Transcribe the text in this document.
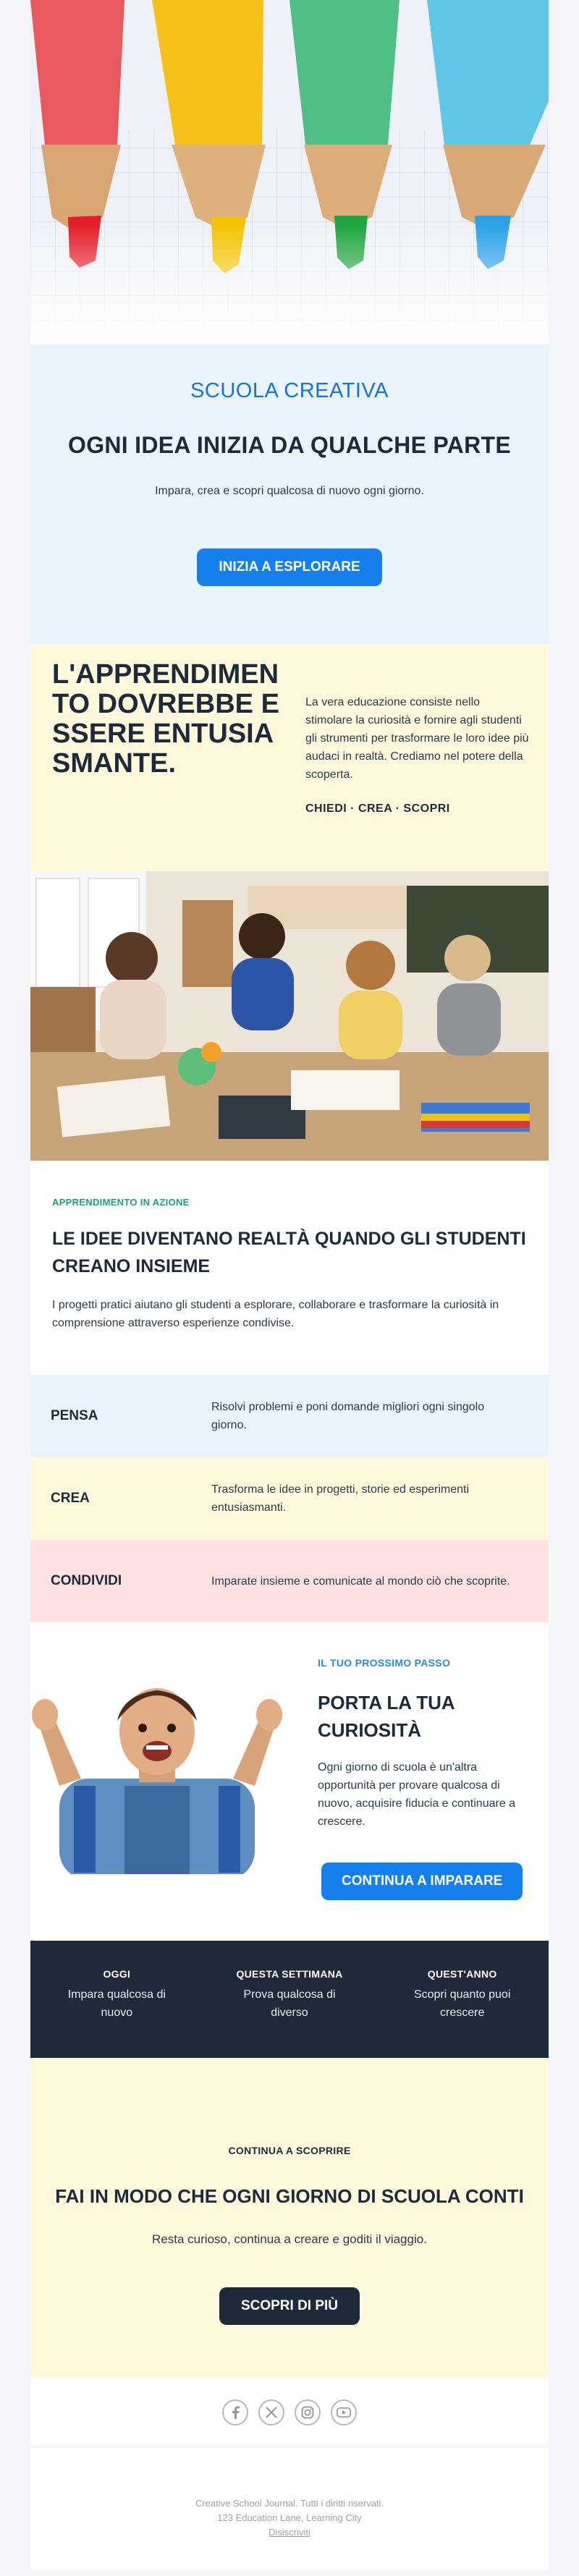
SCUOLA CREATIVA
OGNI IDEA INIZIA DA QUALCHE PARTE

Impara, crea e scopri qualcosa di nuovo ogni giorno.

INIZIA A ESPLORARE
L'APPRENDIMENTO DOVREBBE ESSERE ENTUSIASMANTE.

La vera educazione consiste nello stimolare la curiosità e fornire agli studenti gli strumenti per trasformare le loro idee più audaci in realtà. Crediamo nel potere della scoperta.

CHIEDI · CREA · SCOPRI
APPRENDIMENTO IN AZIONE
LE IDEE DIVENTANO REALTÀ QUANDO GLI STUDENTI CREANO INSIEME

I progetti pratici aiutano gli studenti a esplorare, collaborare e trasformare la curiosità in comprensione attraverso esperienze condivise.

PENSA
Risolvi problemi e poni domande migliori ogni singolo giorno.
CREA
Trasforma le idee in progetti, storie ed esperimenti entusiasmanti.
CONDIVIDI	Imparate insieme e comunicate al mondo ciò che scoprite.
IL TUO PROSSIMO PASSO
PORTA LA TUA CURIOSITÀ

Ogni giorno di scuola è un'altra opportunità per provare qualcosa di nuovo, acquisire fiducia e continuare a crescere.

CONTINUA A IMPARARE
OGGI
Impara qualcosa di nuovo
QUESTA SETTIMANA
Prova qualcosa di diverso
QUEST'ANNO
Scopri quanto puoi crescere
CONTINUA A SCOPRIRE
FAI IN MODO CHE OGNI GIORNO DI SCUOLA CONTI

Resta curioso, continua a creare e goditi il viaggio.

SCOPRI DI PIÙ
Creative School Journal. Tutti i diritti riservati.
123 Education Lane, Learning City
Disiscriviti
